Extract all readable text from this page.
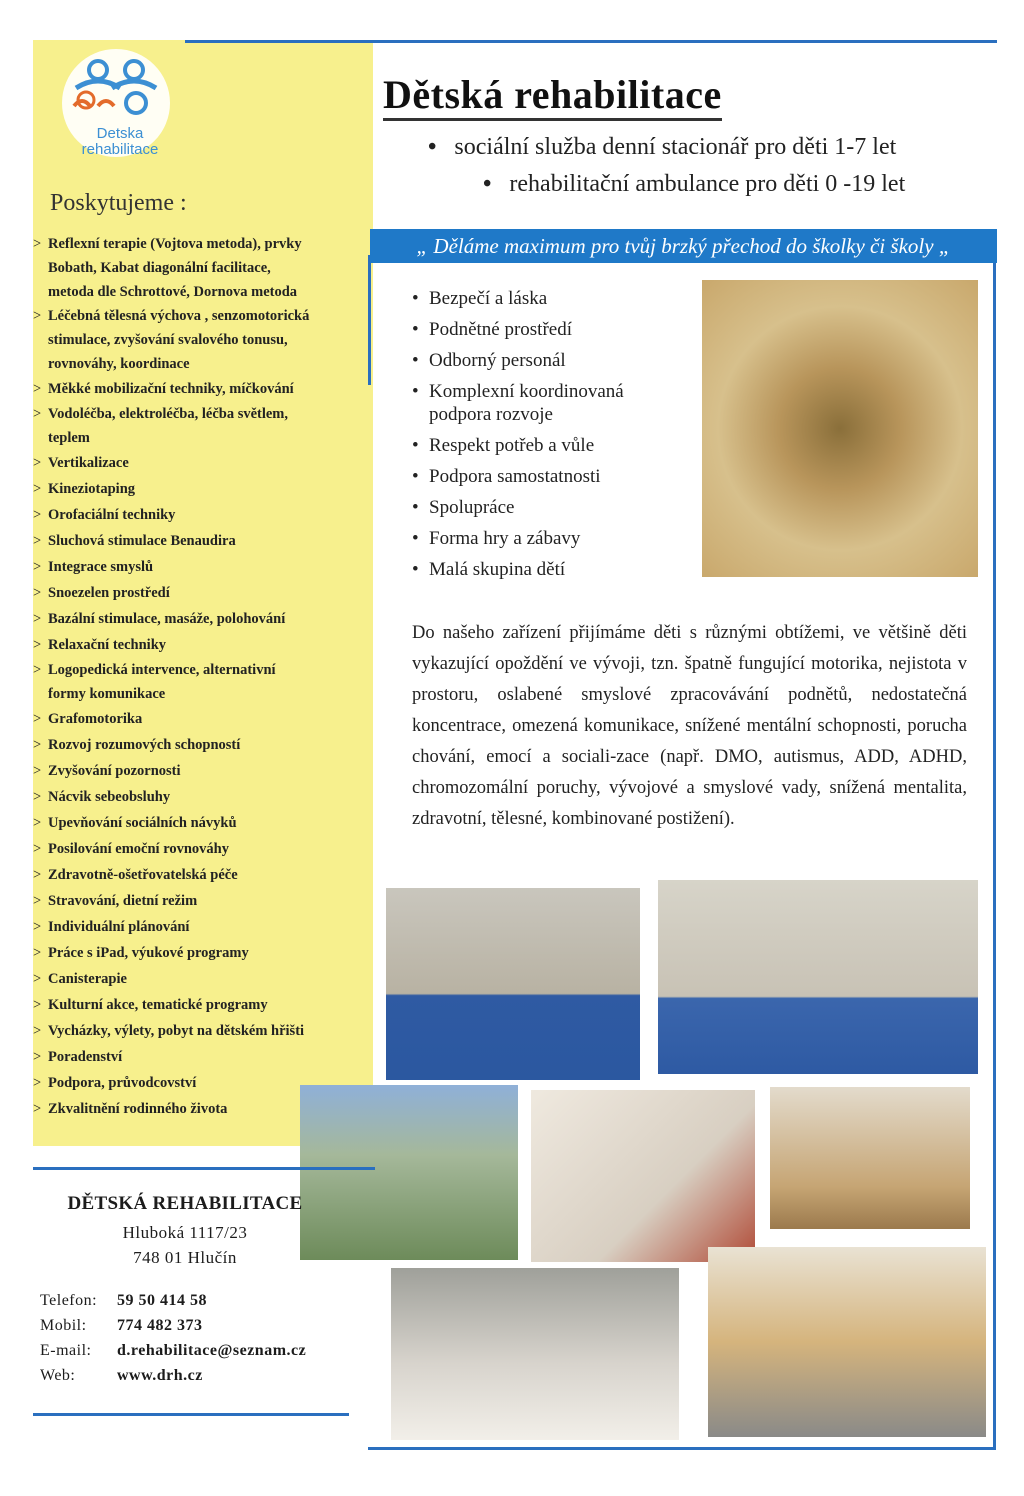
Detska
rehabilitace
Poskytujeme :
> Reflexní terapie (Vojtova metoda), prvky
Bobath, Kabat diagonální facilitace,
metoda dle Schrottové, Dornova metoda
> Léčebná tělesná výchova , senzomotorická
stimulace, zvyšování svalového tonusu,
rovnováhy, koordinace
> Měkké mobilizační techniky, míčkování
> Vodoléčba, elektroléčba, léčba světlem,
teplem
> Vertikalizace
> Kineziotaping
> Orofaciální techniky
> Sluchová stimulace Benaudira
> Integrace smyslů
> Snoezelen prostředí
> Bazální stimulace, masáže, polohování
> Relaxační techniky
> Logopedická intervence, alternativní
formy komunikace
> Grafomotorika
> Rozvoj rozumových schopností
> Zvyšování pozornosti
> Nácvik sebeobsluhy
> Upevňování sociálních návyků
> Posilování emoční rovnováhy
> Zdravotně-ošetřovatelská péče
> Stravování, dietní režim
> Individuální plánování
> Práce s iPad, výukové programy
> Canisterapie
> Kulturní akce, tematické programy
> Vycházky, výlety, pobyt na dětském hřišti
> Poradenství
> Podpora, průvodcovství
> Zkvalitnění rodinného života
Dětská rehabilitace
• sociální služba denní stacionář pro děti 1-7 let
• rehabilitační ambulance pro děti 0 -19 let
„ Děláme maximum pro tvůj brzký přechod do školky či školy „
• Bezpečí a láska
• Podnětné prostředí
• Odborný personál
• Komplexní koordinovaná
podpora rozvoje
• Respekt potřeb a vůle
• Podpora samostatnosti
• Spolupráce
• Forma hry a zábavy
• Malá skupina dětí
Do našeho zařízení přijímáme děti s různými obtížemi, ve většině děti vykazující opoždění ve vývoji, tzn. špatně fungující motorika, nejistota v prostoru, oslabené smyslové zpracovávání podnětů, nedostatečná koncentrace, omezená komunikace, snížené mentální schopnosti, porucha chování, emocí a sociali-zace (např. DMO, autismus, ADD, ADHD, chromozomální poruchy, vývojové a smyslové vady, snížená mentalita, zdravotní, tělesné, kombinované postižení).
DĚTSKÁ REHABILITACE
Hluboká 1117/23
748 01 Hlučín
Telefon: 59 50 414 58
Mobil: 774 482 373
E-mail: d.rehabilitace@seznam.cz
Web:	www.drh.cz
